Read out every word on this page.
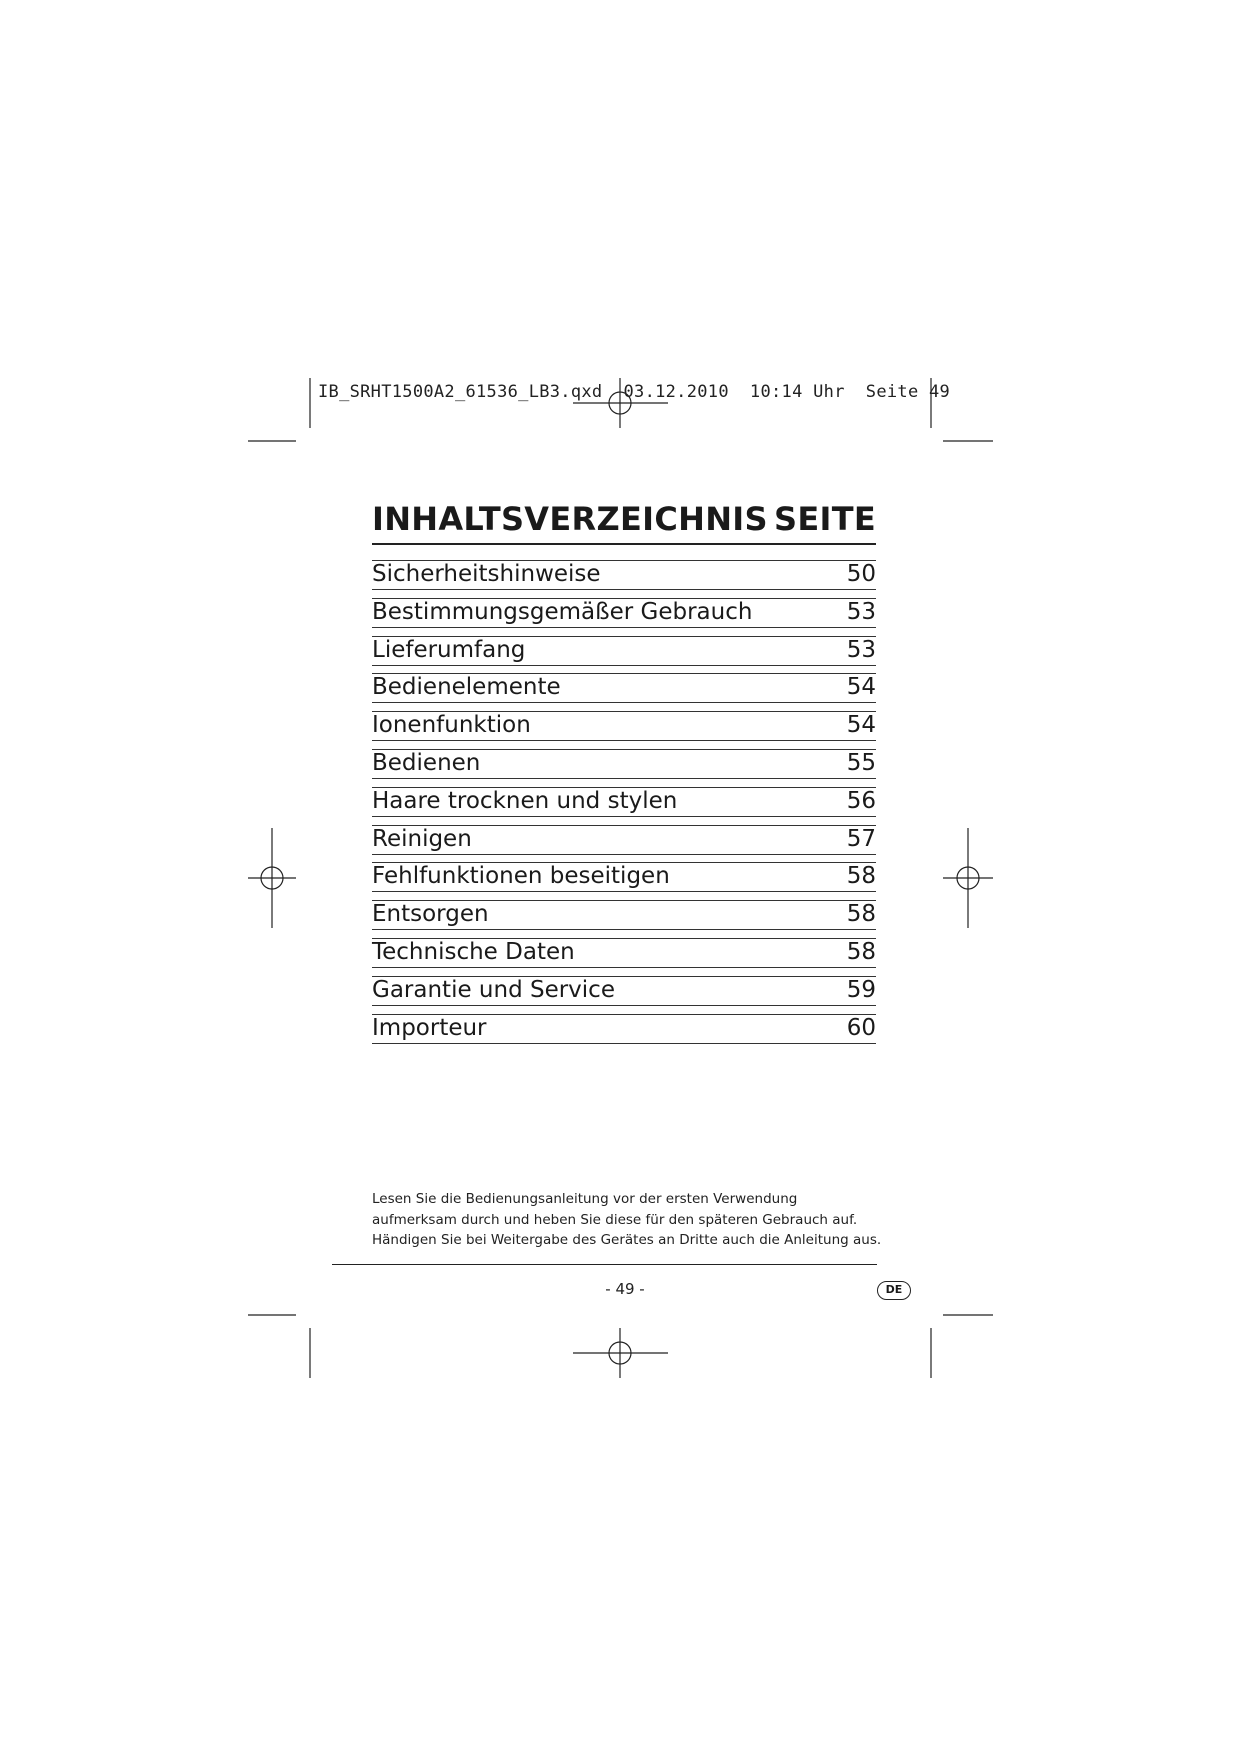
IB_SRHT1500A2_61536_LB3.qxd  03.12.2010  10:14 Uhr  Seite 49
INHALTSVERZEICHNIS SEITE
Sicherheitshinweise	50
Bestimmungsgemäßer Gebrauch	53
Lieferumfang	53
Bedienelemente	54
Ionenfunktion	54
Bedienen	55
Haare trocknen und stylen	56
Reinigen	57
Fehlfunktionen beseitigen	58
Entsorgen	58
Technische Daten	58
Garantie und Service	59
Importeur	60
Lesen Sie die Bedienungsanleitung vor der ersten Verwendung aufmerksam durch und heben Sie diese für den späteren Gebrauch auf. Händigen Sie bei Weitergabe des Gerätes an Dritte auch die Anleitung aus.
- 49 -	DE
